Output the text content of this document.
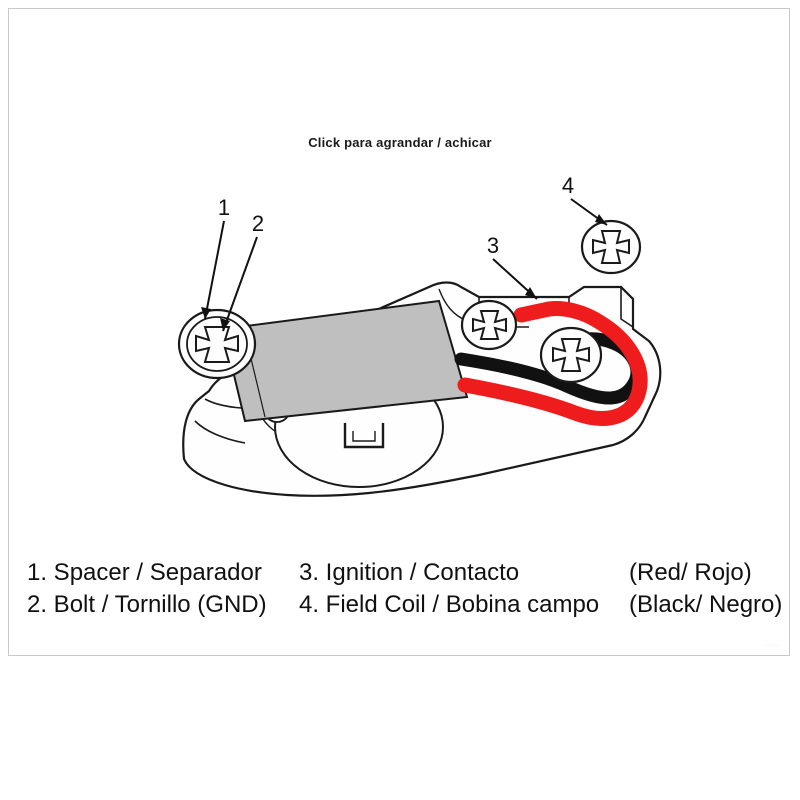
Click para agrandar / achicar
1
2
3
4
1. Spacer / Separador 3. Ignition / Contacto	(Red/ Rojo)
2. Bolt / Tornillo (GND) 4. Field Coil / Bobina campo (Black/ Negro)
·····
